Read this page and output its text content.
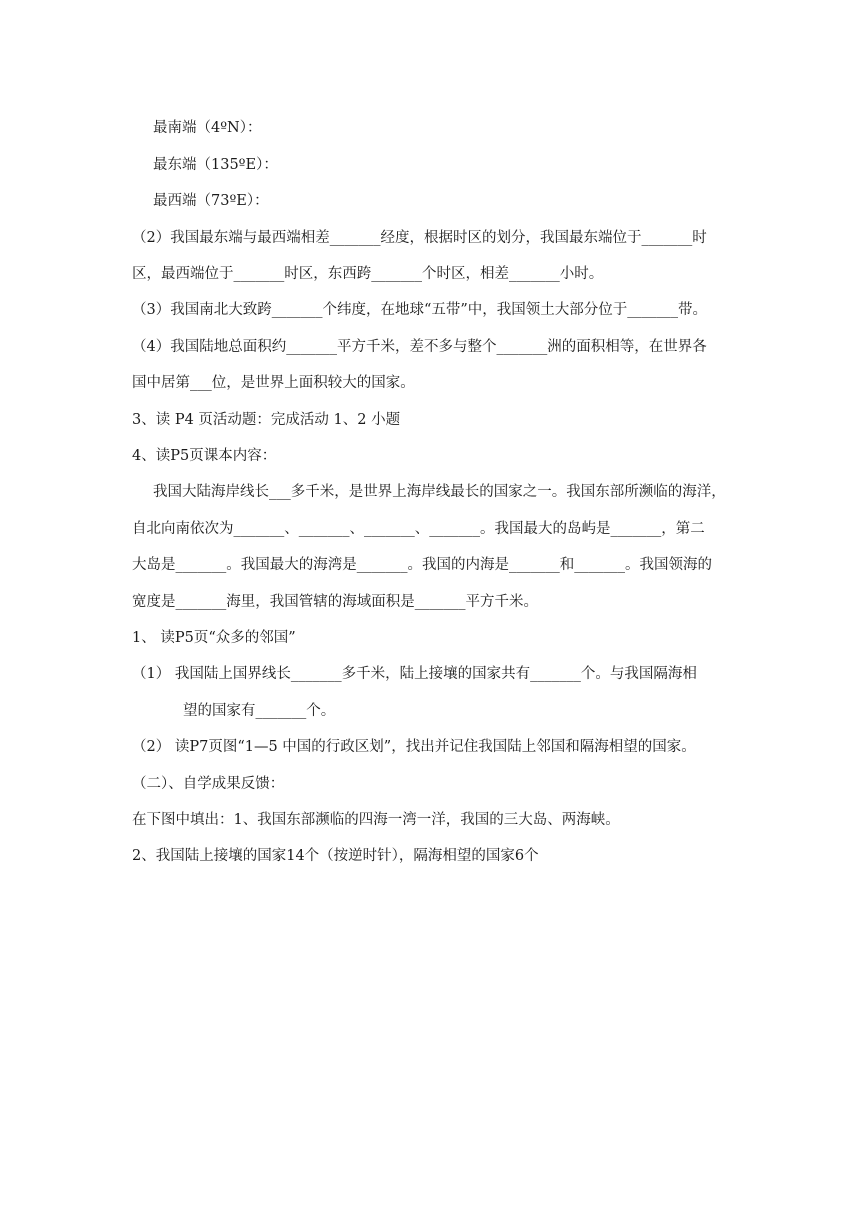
最南端（4ºN）：
最东端（135ºE）：
最西端（73ºE）：
（2）我国最东端与最西端相差_______经度，根据时区的划分，我国最东端位于_______时
区，最西端位于_______时区，东西跨_______个时区，相差_______小时。
（3）我国南北大致跨_______个纬度，在地球“五带”中，我国领土大部分位于_______带。
（4）我国陆地总面积约_______平方千米，差不多与整个_______洲的面积相等，在世界各
国中居第___位，是世界上面积较大的国家。
3、读 P4 页活动题：完成活动 1、2 小题
4、读P5页课本内容：
我国大陆海岸线长___多千米，是世界上海岸线最长的国家之一。我国东部所濒临的海洋，
自北向南依次为_______、_______、_______、_______。我国最大的岛屿是_______，第二
大岛是_______。我国最大的海湾是_______。我国的内海是_______和_______。我国领海的
宽度是_______海里，我国管辖的海域面积是_______平方千米。
1、 读P5页“众多的邻国”
（1） 我国陆上国界线长_______多千米，陆上接壤的国家共有_______个。与我国隔海相
望的国家有_______个。
（2） 读P7页图“1—5 中国的行政区划”，找出并记住我国陆上邻国和隔海相望的国家。
（二）、自学成果反馈：
在下图中填出：1、我国东部濒临的四海一湾一洋，我国的三大岛、两海峡。
2、我国陆上接壤的国家14个（按逆时针），隔海相望的国家6个
